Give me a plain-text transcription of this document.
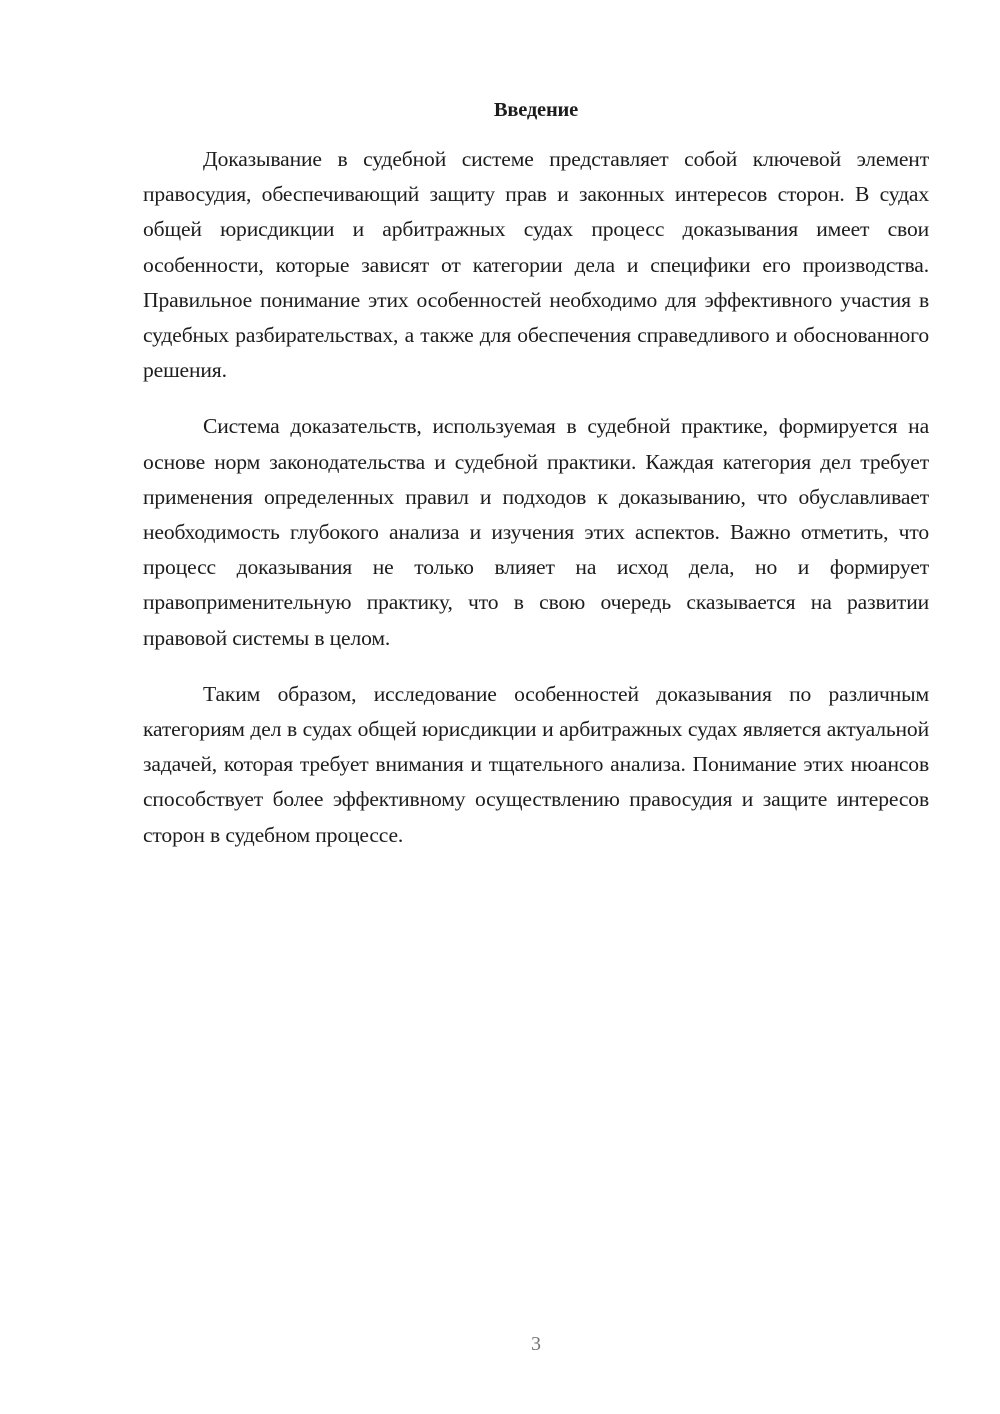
Введение

Доказывание в судебной системе представляет собой ключевой элемент правосудия, обеспечивающий защиту прав и законных интересов сторон. В судах общей юрисдикции и арбитражных судах процесс доказывания имеет свои особенности, которые зависят от категории дела и специфики его производства. Правильное понимание этих особенностей необходимо для эффективного участия в судебных разбирательствах, а также для обеспечения справедливого и обоснованного решения.

Система доказательств, используемая в судебной практике, формируется на основе норм законодательства и судебной практики. Каждая категория дел требует применения определенных правил и подходов к доказыванию, что обуславливает необходимость глубокого анализа и изучения этих аспектов. Важно отметить, что процесс доказывания не только влияет на исход дела, но и формирует правоприменительную практику, что в свою очередь сказывается на развитии правовой системы в целом.

Таким образом, исследование особенностей доказывания по различным категориям дел в судах общей юрисдикции и арбитражных судах является актуальной задачей, которая требует внимания и тщательного анализа. Понимание этих нюансов способствует более эффективному осуществлению правосудия и защите интересов сторон в судебном процессе.

3
